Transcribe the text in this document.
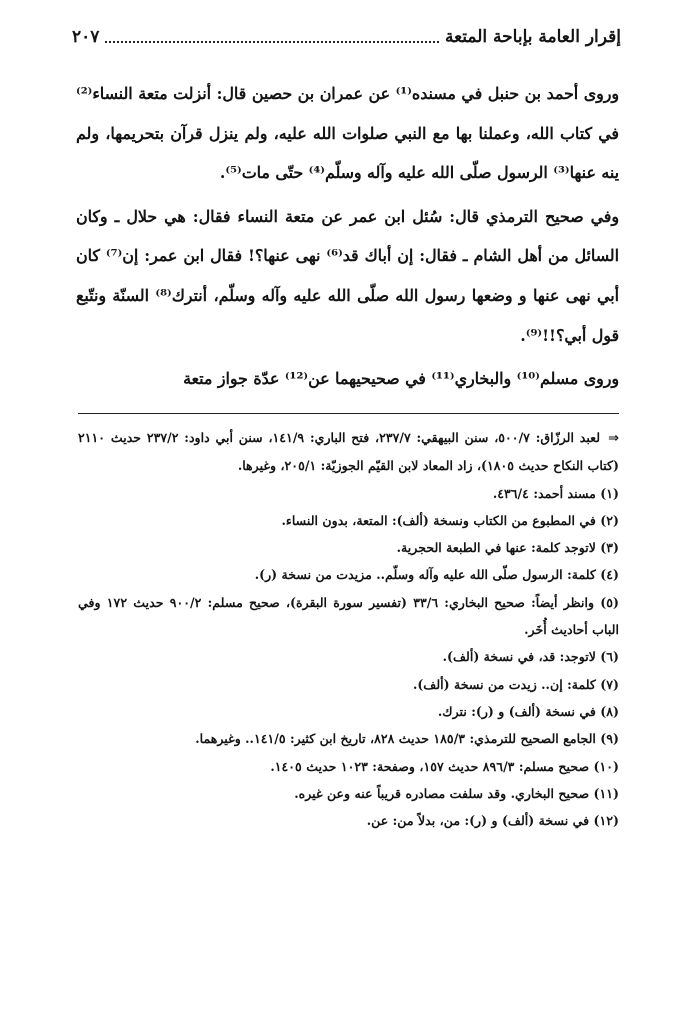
إقرار العامة بإباحة المتعة
٢٠٧

وروى أحمد بن حنبل في مسنده⁽¹⁾ عن عمران بن حصين قال: أنزلت متعة النساء⁽²⁾ في كتاب الله، وعملنا بها مع النبي صلوات الله عليه، ولم ينزل قرآن بتحريمها، ولم ينه عنها⁽³⁾ الرسول صلّى الله عليه وآله وسلّم⁽⁴⁾ حتّى مات⁽⁵⁾.

وفي صحيح الترمذي قال: سُئل ابن عمر عن متعة النساء فقال: هي حلال ـ وكان السائل من أهل الشام ـ فقال: إن أباك قد⁽⁶⁾ نهى عنها؟! فقال ابن عمر: إن⁽⁷⁾ كان أبي نهى عنها و وضعها رسول الله صلّى الله عليه وآله وسلّم، أنترك⁽⁸⁾ السنّة ونتّبع قول أبي؟!!⁽⁹⁾.

وروى مسلم⁽¹⁰⁾ والبخاري⁽¹¹⁾ في صحيحيهما عن⁽¹²⁾ عدّة جواز متعة

⇒لعبد الرزّاق: ٥٠٠/٧، سنن البيهقي: ٢٣٧/٧، فتح الباري: ١٤١/٩، سنن أبي داود: ٢٣٧/٢ حديث ٢١١٠ (كتاب النكاح حديث ١٨٠٥)، زاد المعاد لابن القيّم الجوزيّة: ٢٠٥/١، وغيرها.

(١) مسند أحمد: ٤٣٦/٤.

(٢) في المطبوع من الكتاب ونسخة (ألف): المتعة، بدون النساء.

(٣) لاتوجد كلمة: عنها في الطبعة الحجرية.

(٤) كلمة: الرسول صلّى الله عليه وآله وسلّم.. مزيدت من نسخة (ر).

(٥) وانظر أيضاً: صحيح البخاري: ٣٣/٦ (تفسير سورة البقرة)، صحيح مسلم: ٩٠٠/٢ حديث ١٧٢ وفي الباب أحاديث أُخَر.

(٦) لاتوجد: قد، في نسخة (ألف).

(٧) كلمة: إن.. زيدت من نسخة (ألف).

(٨) في نسخة (ألف) و (ر): نترك.

(٩) الجامع الصحيح للترمذي: ١٨٥/٣ حديث ٨٢٨، تاريخ ابن كثير: ١٤١/٥.. وغيرهما.

(١٠) صحيح مسلم: ٨٩٦/٣ حديث ١٥٧، وصفحة: ١٠٢٣ حديث ١٤٠٥.

(١١) صحيح البخاري. وقد سلفت مصادره قريباً عنه وعن غيره.

(١٢) في نسخة (ألف) و (ر): من، بدلاً من: عن.
